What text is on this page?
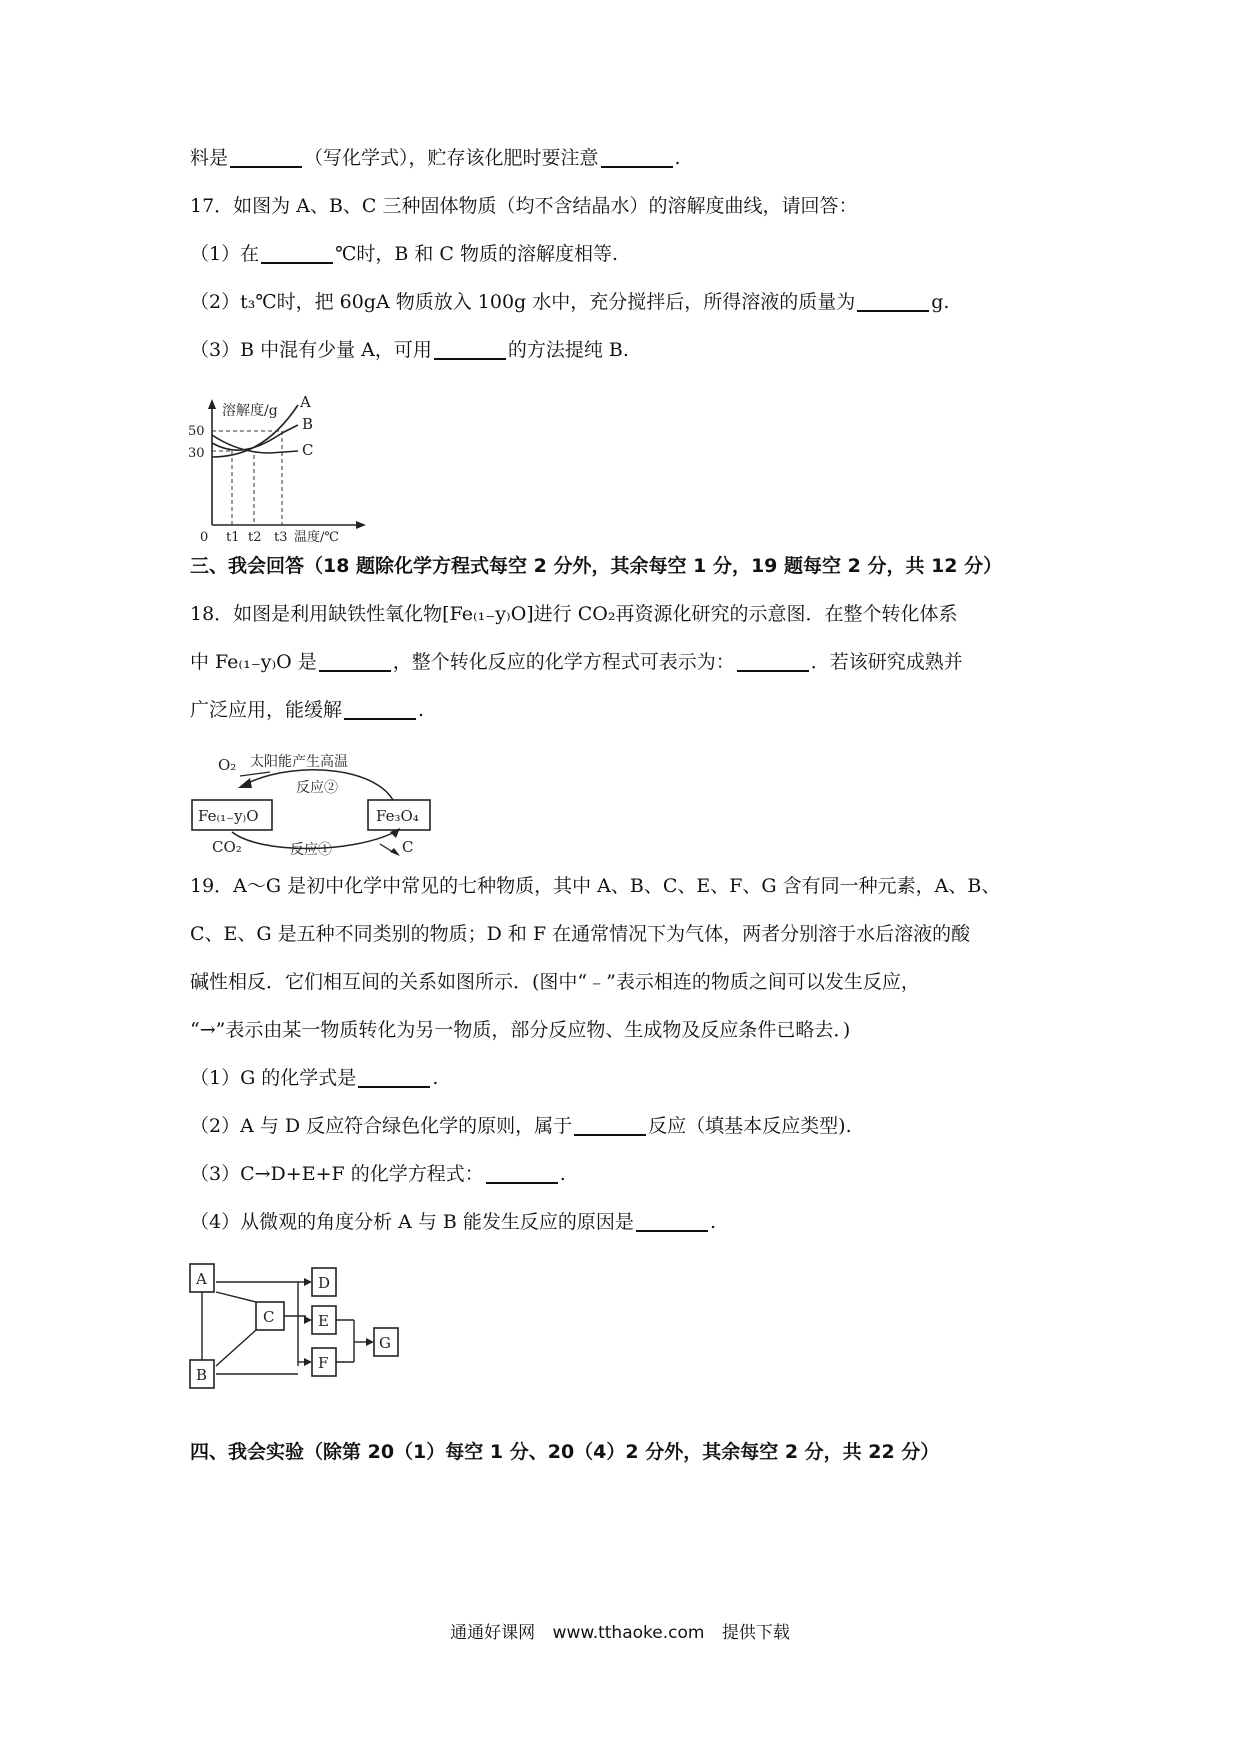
料是	（写化学式），贮存该化肥时要注意	.
17．如图为 A、B、C 三种固体物质（均不含结晶水）的溶解度曲线，请回答：
（1）在	℃时，B 和 C 物质的溶解度相等.
（2）t₃℃时，把 60gA 物质放入 100g 水中，充分搅拌后，所得溶液的质量为	g.
（3）B 中混有少量 A，可用	的方法提纯 B.
溶解度/g
温度/℃
50
30
0 t1 t2 t3
A
B
C
三、我会回答（18 题除化学方程式每空 2 分外，其余每空 1 分，19 题每空 2 分，共 12 分）
18．如图是利用缺铁性氧化物[Fe₍₁₋y₎O]进行 CO₂再资源化研究的示意图．在整个转化体系
中 Fe₍₁₋y₎O 是	，整个转化反应的化学方程式可表示为：	．若该研究成熟并
广泛应用，能缓解	.
O₂ 太阳能产生高温
反应②
Fe₍₁₋y₎O	Fe₃O₄
CO₂	反应①	C
19．A～G 是初中化学中常见的七种物质，其中 A、B、C、E、F、G 含有同一种元素，A、B、
C、E、G 是五种不同类别的物质；D 和 F 在通常情况下为气体，两者分别溶于水后溶液的酸
碱性相反．它们相互间的关系如图所示．(图中“﹣”表示相连的物质之间可以发生反应，
“→”表示由某一物质转化为另一物质，部分反应物、生成物及反应条件已略去．)
（1）G 的化学式是	.
（2）A 与 D 反应符合绿色化学的原则，属于	反应（填基本反应类型).
（3）C→D+E+F 的化学方程式：	.
（4）从微观的角度分析 A 与 B 能发生反应的原因是	.
A
B
C
D
E
F
G
四、我会实验（除第 20（1）每空 1 分、20（4）2 分外，其余每空 2 分，共 22 分）
通通好课网 www.tthaoke.com 提供下载
